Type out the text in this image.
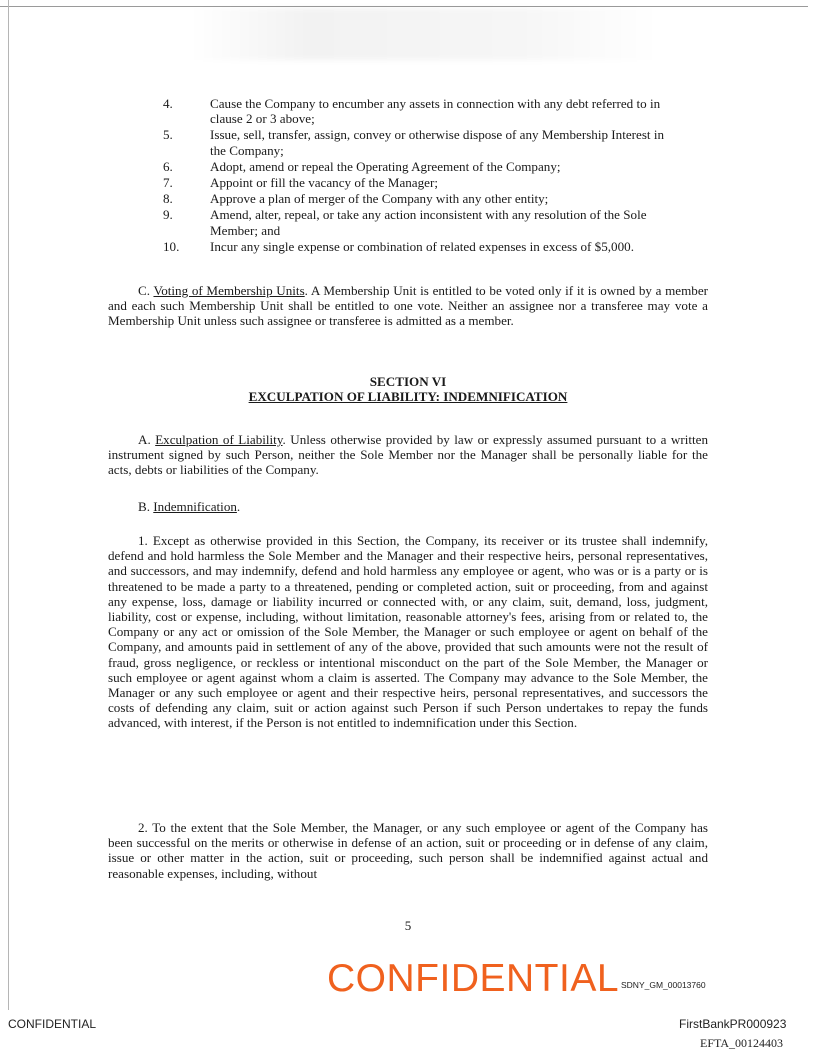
4.	Cause the Company to encumber any assets in connection with any debt referred to in clause 2 or 3 above;
5.	Issue, sell, transfer, assign, convey or otherwise dispose of any Membership Interest in the Company;
6.	Adopt, amend or repeal the Operating Agreement of the Company;
7.	Appoint or fill the vacancy of the Manager;
8.	Approve a plan of merger of the Company with any other entity;
9.	Amend, alter, repeal, or take any action inconsistent with any resolution of the Sole Member; and
10.	Incur any single expense or combination of related expenses in excess of $5,000.
C. Voting of Membership Units. A Membership Unit is entitled to be voted only if it is owned by a member and each such Membership Unit shall be entitled to one vote. Neither an assignee nor a transferee may vote a Membership Unit unless such assignee or transferee is admitted as a member.
SECTION VI
EXCULPATION OF LIABILITY: INDEMNIFICATION
A. Exculpation of Liability. Unless otherwise provided by law or expressly assumed pursuant to a written instrument signed by such Person, neither the Sole Member nor the Manager shall be personally liable for the acts, debts or liabilities of the Company.
B. Indemnification.
1. Except as otherwise provided in this Section, the Company, its receiver or its trustee shall indemnify, defend and hold harmless the Sole Member and the Manager and their respective heirs, personal representatives, and successors, and may indemnify, defend and hold harmless any employee or agent, who was or is a party or is threatened to be made a party to a threatened, pending or completed action, suit or proceeding, from and against any expense, loss, damage or liability incurred or connected with, or any claim, suit, demand, loss, judgment, liability, cost or expense, including, without limitation, reasonable attorney's fees, arising from or related to, the Company or any act or omission of the Sole Member, the Manager or such employee or agent on behalf of the Company, and amounts paid in settlement of any of the above, provided that such amounts were not the result of fraud, gross negligence, or reckless or intentional misconduct on the part of the Sole Member, the Manager or such employee or agent against whom a claim is asserted. The Company may advance to the Sole Member, the Manager or any such employee or agent and their respective heirs, personal representatives, and successors the costs of defending any claim, suit or action against such Person if such Person undertakes to repay the funds advanced, with interest, if the Person is not entitled to indemnification under this Section.
2. To the extent that the Sole Member, the Manager, or any such employee or agent of the Company has been successful on the merits or otherwise in defense of an action, suit or proceeding or in defense of any claim, issue or other matter in the action, suit or proceeding, such person shall be indemnified against actual and reasonable expenses, including, without
5
CONFIDENTIAL
CONFIDENTIAL
SDNY_GM_00013760
FirstBankPR000923
EFTA_00124403
